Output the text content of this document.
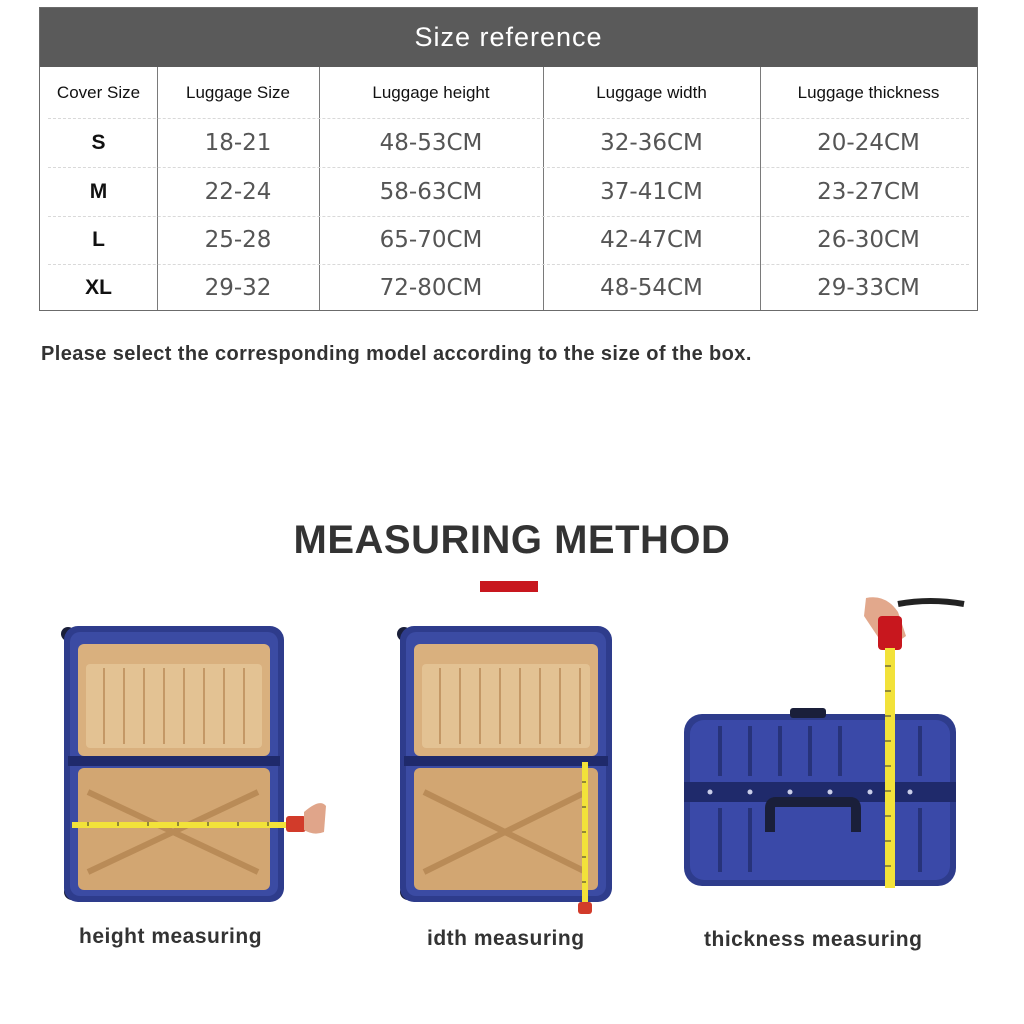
Size reference
Cover Size	Luggage Size	Luggage height	Luggage width	Luggage thickness
S	18-21	48-53CM	32-36CM	20-24CM
M	22-24	58-63CM	37-41CM	23-27CM
L	25-28	65-70CM	42-47CM	26-30CM
XL	29-32	72-80CM	48-54CM	29-33CM
Please select the corresponding model according to the size of the box.
MEASURING METHOD
height measuring	idth measuring	thickness measuring
